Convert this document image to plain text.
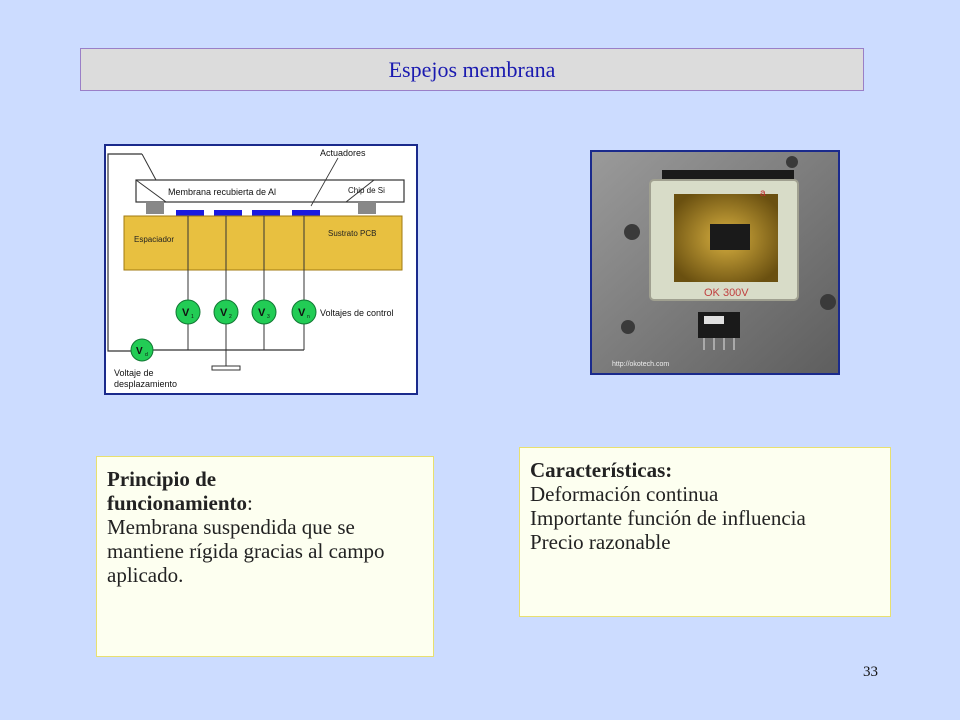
Espejos membrana
Membrana recubierta de Al	Chip de Si
Actuadores
Espaciador
Sustrato PCB
V 1 V 2 V 3	V n Voltajes de control
V d
Voltaje de
desplazamiento
a
OK 300V
http://okotech.com
Principio de
funcionamiento:
Membrana suspendida que se mantiene rígida gracias al campo aplicado.
Características:
Deformación continua
Importante función de influencia
Precio razonable
33
